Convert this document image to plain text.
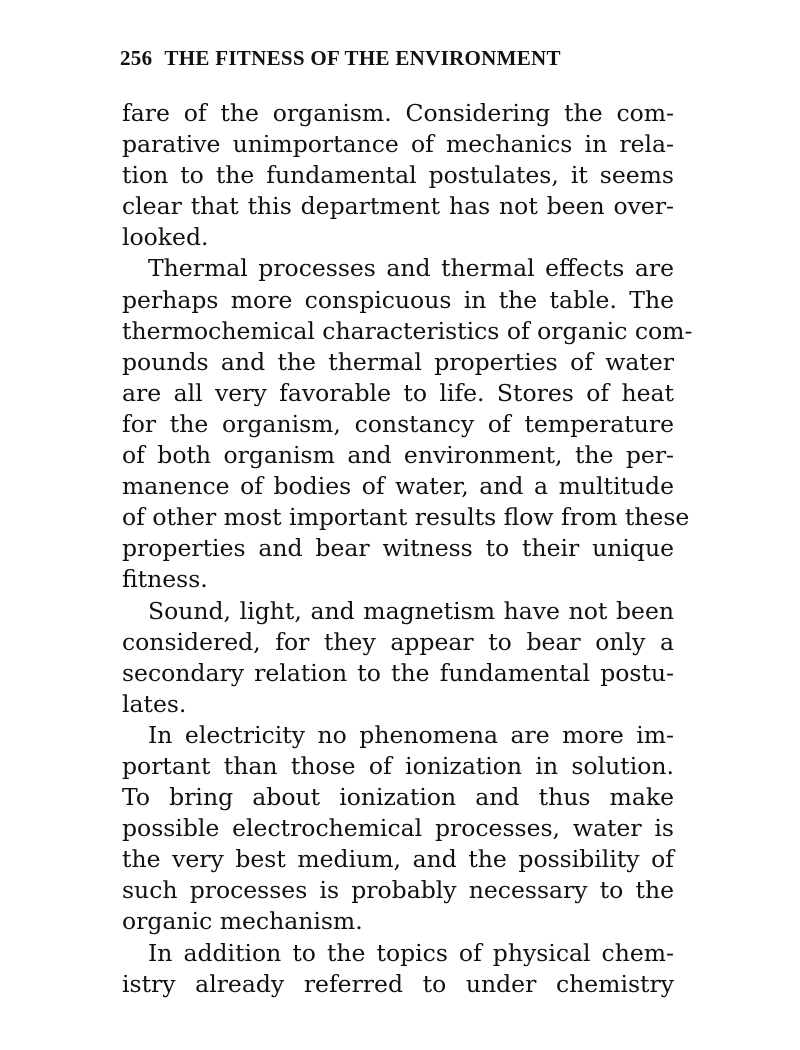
256 THE FITNESS OF THE ENVIRONMENT
fare of the organism. Considering the com-
parative unimportance of mechanics in rela-
tion to the fundamental postulates, it seems
clear that this department has not been over-
looked.
Thermal processes and thermal effects are
perhaps more conspicuous in the table. The
thermochemical characteristics of organic com-
pounds and the thermal properties of water
are all very favorable to life. Stores of heat
for the organism, constancy of temperature
of both organism and environment, the per-
manence of bodies of water, and a multitude
of other most important results flow from these
properties and bear witness to their unique
fitness.
Sound, light, and magnetism have not been
considered, for they appear to bear only a
secondary relation to the fundamental postu-
lates.
In electricity no phenomena are more im-
portant than those of ionization in solution.
To bring about ionization and thus make
possible electrochemical processes, water is
the very best medium, and the possibility of
such processes is probably necessary to the
organic mechanism.
In addition to the topics of physical chem-
istry already referred to under chemistry
